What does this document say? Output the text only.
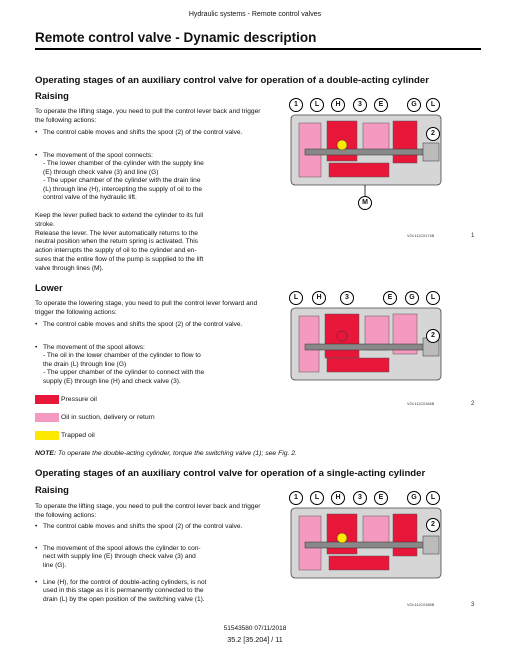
Hydraulic systems - Remote control valves
Remote control valve - Dynamic description
Operating stages of an auxiliary control valve for operation of a double-acting cylinder
Raising
To operate the lifting stage, you need to pull the control lever back and trigger the following actions:
• The control cable moves and shifts the spool (2) of the control valve.
• The movement of the spool connects:
- The lower chamber of the cylinder with the supply line
(E) through check valve (3) and line (G)
- The upper chamber of the cylinder with the drain line
(L) through line (H), intercepting the supply of oil to the
control valve of the hydraulic lift.
Keep the lever pulled back to extend the cylinder to its full
stroke.
Release the lever. The lever automatically returns to the
neutral position when the return spring is activated. This
action interrupts the supply of oil to the cylinder and en-
sures that the entire flow of the pump is supplied to the lift
valve through lines (M).
1	L	H	3	E	G	L
2
M
VOL11JC0174B	1
Lower
To operate the lowering stage, you need to pull the control lever forward and trigger the following actions:
• The control cable moves and shifts the spool (2) of the control valve.
• The movement of the spool allows:
- The oil in the lower chamber of the cylinder to flow to
the drain (L) through line (G)
- The upper chamber of the cylinder to connect with the
supply (E) through line (H) and check valve (3).
L	H	3	E	G	L
2
VOL11JC0184B	2
Pressure oil
Oil in suction, delivery or return
Trapped oil
NOTE: To operate the double-acting cylinder, torque the switching valve (1); see Fig. 2.
Operating stages of an auxiliary control valve for operation of a single-acting cylinder
Raising
To operate the lifting stage, you need to pull the control lever back and trigger the following actions:
• The control cable moves and shifts the spool (2) of the control valve.
• The movement of the spool allows the cylinder to con-
nect with supply line (E) through check valve (3) and
line (G).
• Line (H), for the control of double-acting cylinders, is not
used in this stage as it is permanently connected to the
drain (L) by the open position of the switching valve (1).
1	L	H	3	E	G	L
2
VOL11JC0185B	3
51543580 07/11/2018
35.2 [35.204] / 11
